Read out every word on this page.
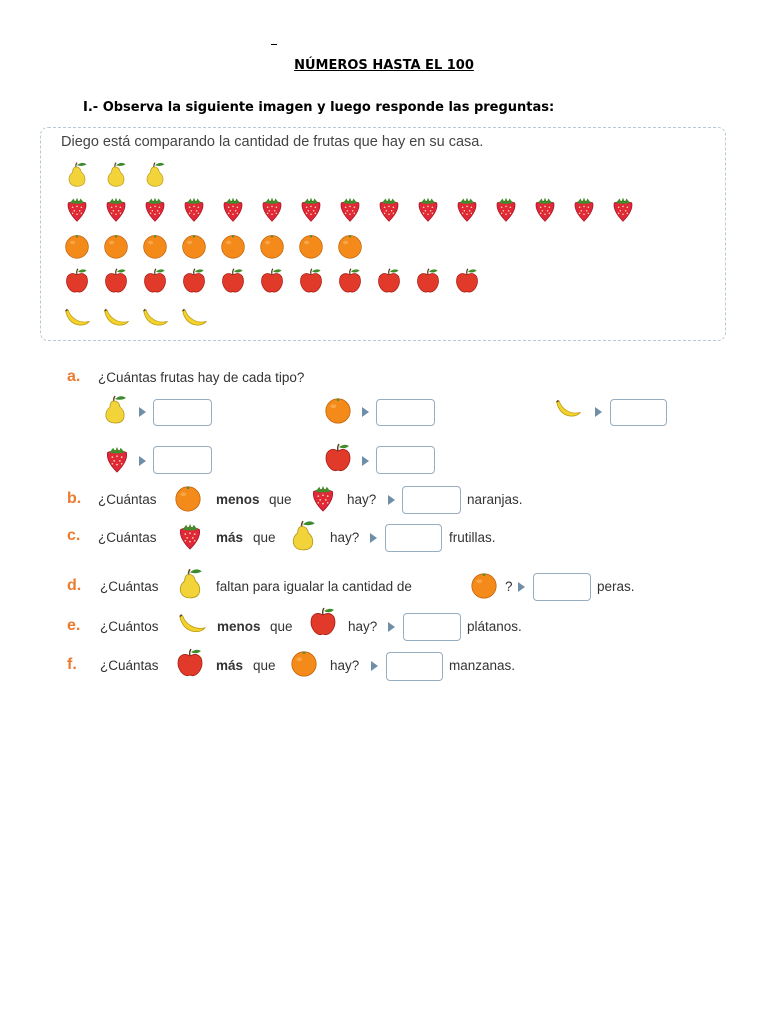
NÚMEROS HASTA EL 100
I.- Observa la siguiente imagen y luego responde las preguntas:
Diego está comparando la cantidad de frutas que hay en su casa.
a. ¿Cuántas frutas hay de cada tipo?
b. ¿Cuántas	menos que	hay?	naranjas.
c. ¿Cuántas	más que	hay?	frutillas.
d. ¿Cuántas	faltan para igualar la cantidad de	?	peras.
e. ¿Cuántos	menos que	hay?	plátanos.
f. ¿Cuántas	más que	hay?	manzanas.
